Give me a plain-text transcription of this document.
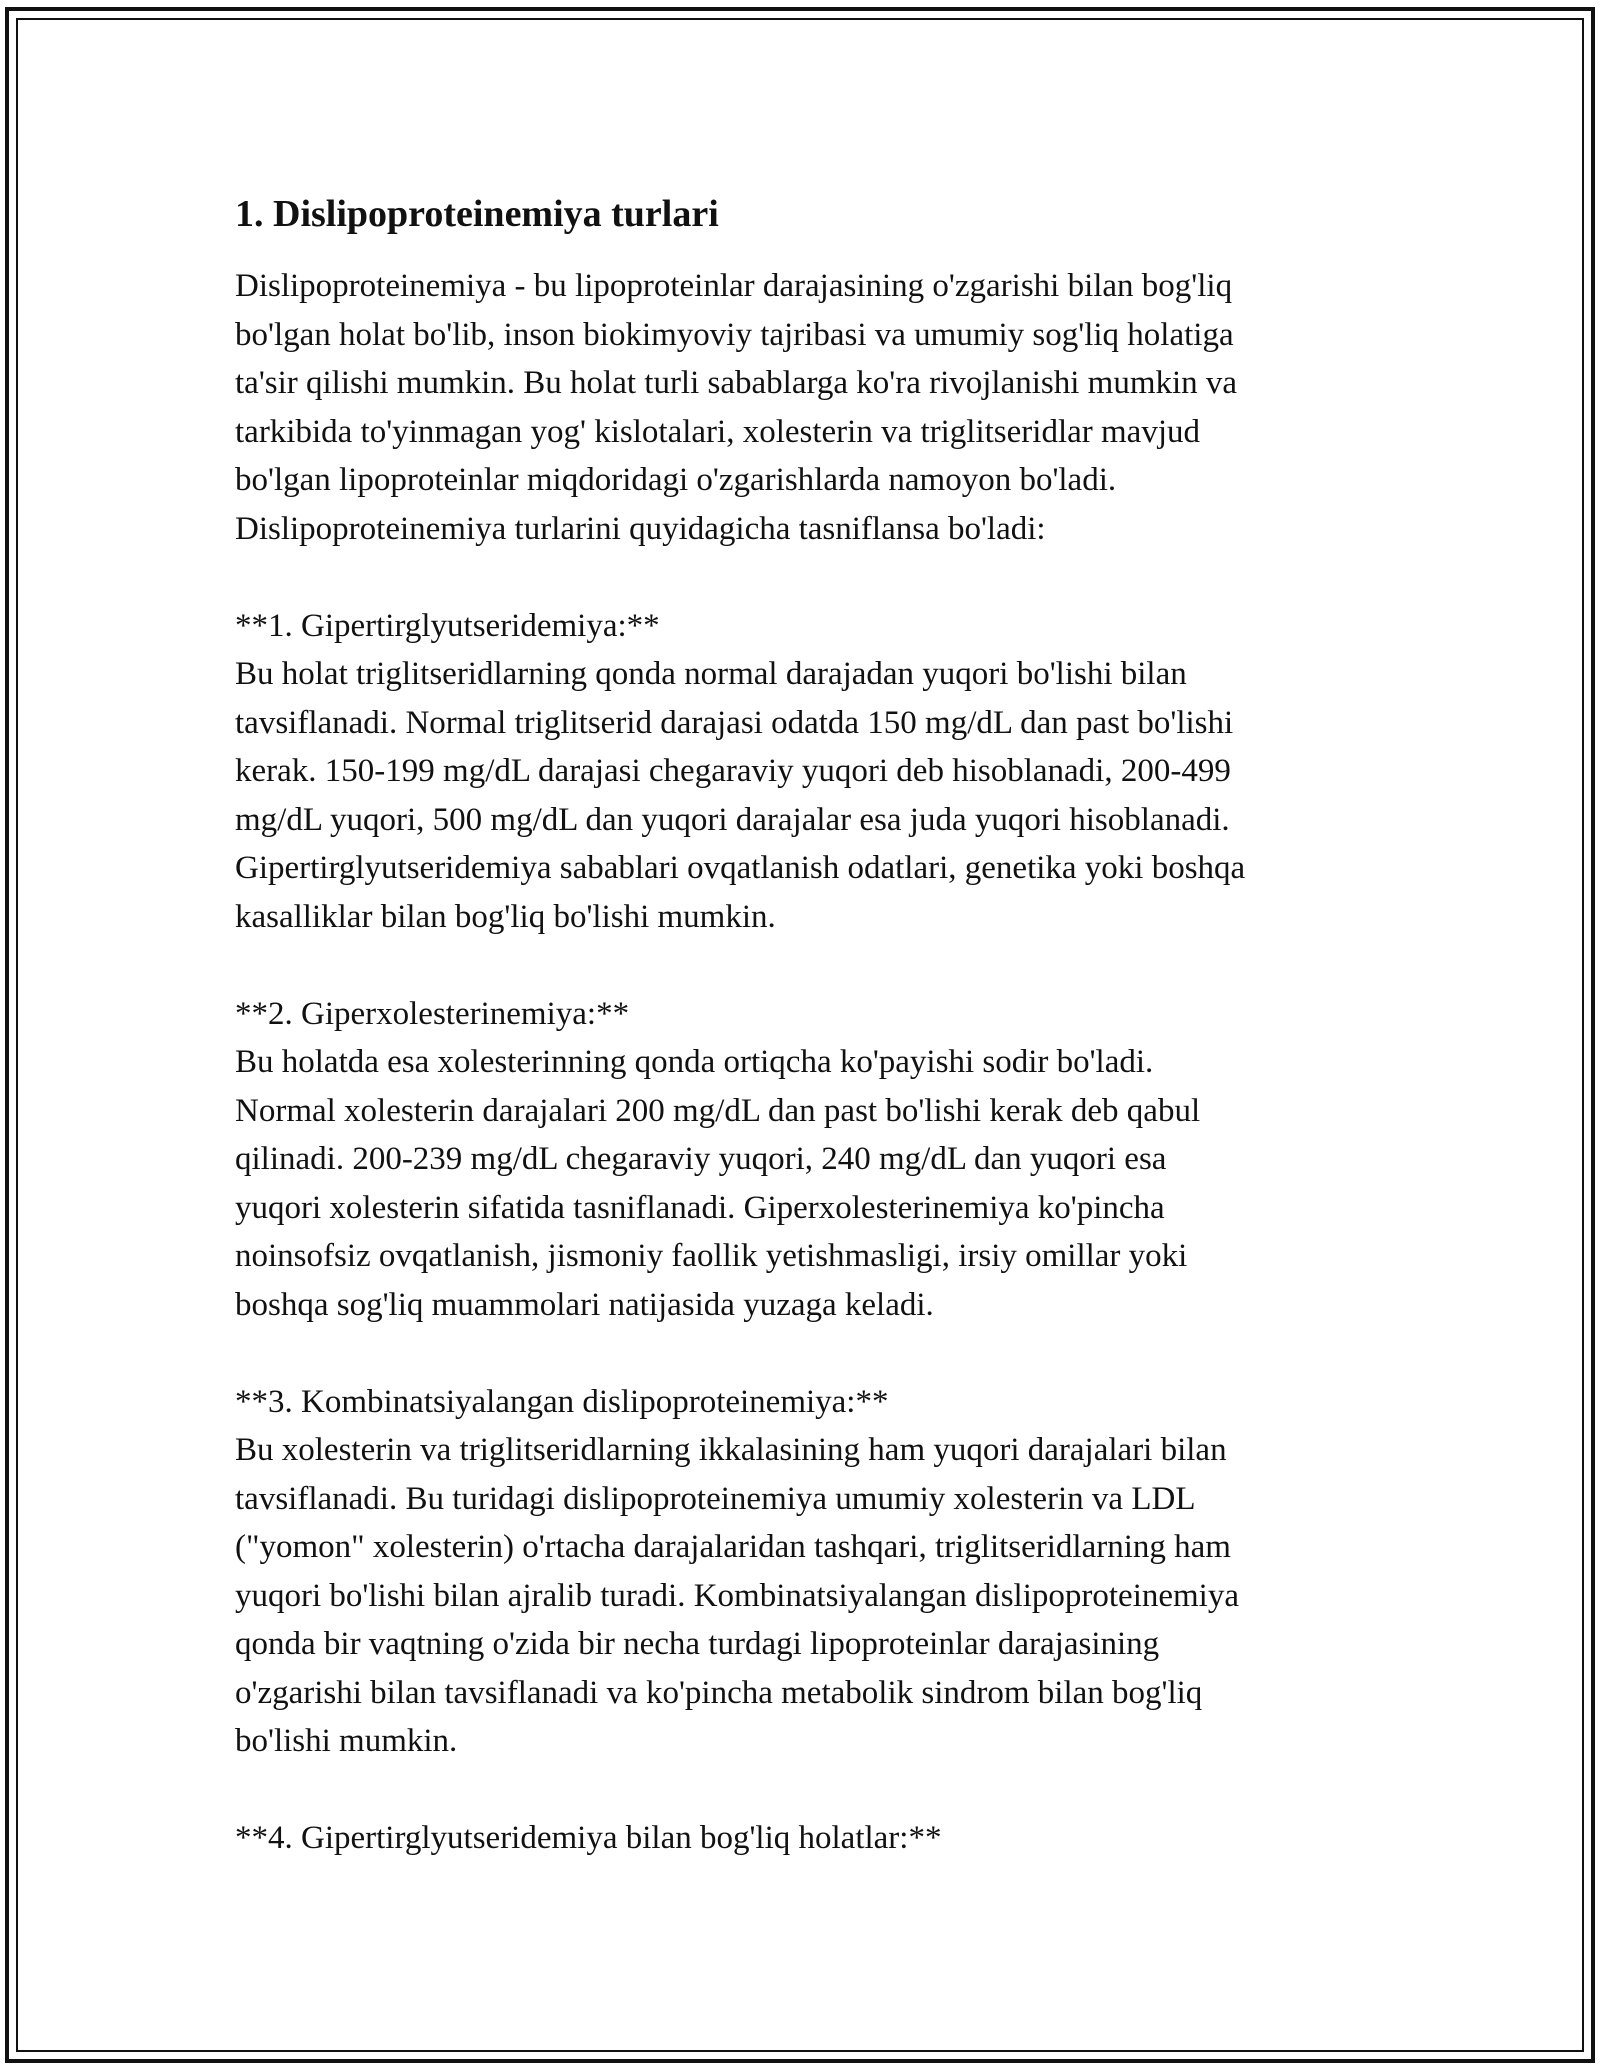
1. Dislipoproteinemiya turlari
Dislipoproteinemiya - bu lipoproteinlar darajasining o'zgarishi bilan bog'liq
bo'lgan holat bo'lib, inson biokimyoviy tajribasi va umumiy sog'liq holatiga
ta'sir qilishi mumkin. Bu holat turli sabablarga ko'ra rivojlanishi mumkin va
tarkibida to'yinmagan yog' kislotalari, xolesterin va triglitseridlar mavjud
bo'lgan lipoproteinlar miqdoridagi o'zgarishlarda namoyon bo'ladi.
Dislipoproteinemiya turlarini quyidagicha tasniflansa bo'ladi:
**1. Gipertirglyutseridemiya:**
Bu holat triglitseridlarning qonda normal darajadan yuqori bo'lishi bilan
tavsiflanadi. Normal triglitserid darajasi odatda 150 mg/dL dan past bo'lishi
kerak. 150-199 mg/dL darajasi chegaraviy yuqori deb hisoblanadi, 200-499
mg/dL yuqori, 500 mg/dL dan yuqori darajalar esa juda yuqori hisoblanadi.
Gipertirglyutseridemiya sabablari ovqatlanish odatlari, genetika yoki boshqa
kasalliklar bilan bog'liq bo'lishi mumkin.
**2. Giperxolesterinemiya:**
Bu holatda esa xolesterinning qonda ortiqcha ko'payishi sodir bo'ladi.
Normal xolesterin darajalari 200 mg/dL dan past bo'lishi kerak deb qabul
qilinadi. 200-239 mg/dL chegaraviy yuqori, 240 mg/dL dan yuqori esa
yuqori xolesterin sifatida tasniflanadi. Giperxolesterinemiya ko'pincha
noinsofsiz ovqatlanish, jismoniy faollik yetishmasligi, irsiy omillar yoki
boshqa sog'liq muammolari natijasida yuzaga keladi.
**3. Kombinatsiyalangan dislipoproteinemiya:**
Bu xolesterin va triglitseridlarning ikkalasining ham yuqori darajalari bilan
tavsiflanadi. Bu turidagi dislipoproteinemiya umumiy xolesterin va LDL
("yomon" xolesterin) o'rtacha darajalaridan tashqari, triglitseridlarning ham
yuqori bo'lishi bilan ajralib turadi. Kombinatsiyalangan dislipoproteinemiya
qonda bir vaqtning o'zida bir necha turdagi lipoproteinlar darajasining
o'zgarishi bilan tavsiflanadi va ko'pincha metabolik sindrom bilan bog'liq
bo'lishi mumkin.
**4. Gipertirglyutseridemiya bilan bog'liq holatlar:**
